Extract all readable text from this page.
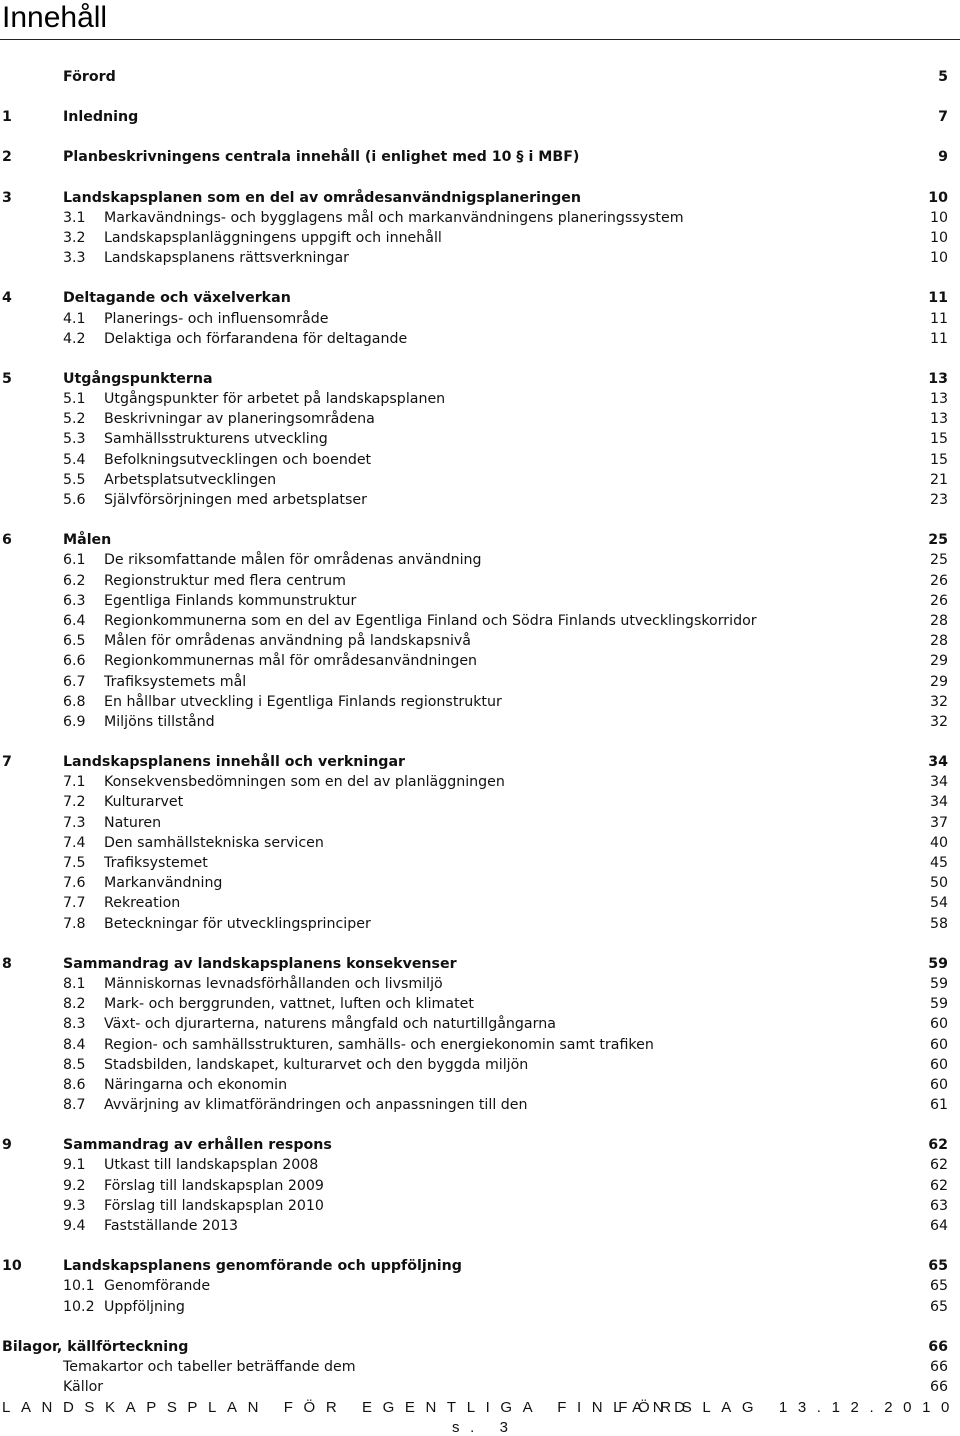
Innehåll
Förord	5
1	Inledning	7
2	Planbeskrivningens centrala innehåll (i enlighet med 10 § i MBF)	9
3	Landskapsplanen som en del av områdesanvändnigsplaneringen	10
3.1 Markavändnings- och bygglagens mål och markanvändningens planeringssystem	10
3.2 Landskapsplanläggningens uppgift och innehåll	10
3.3 Landskapsplanens rättsverkningar	10
4	Deltagande och växelverkan	11
4.1 Planerings- och influensområde	11
4.2 Delaktiga och förfarandena för deltagande	11
5	Utgångspunkterna	13
5.1 Utgångspunkter för arbetet på landskapsplanen	13
5.2 Beskrivningar av planeringsområdena	13
5.3 Samhällsstrukturens utveckling	15
5.4 Befolkningsutvecklingen och boendet	15
5.5 Arbetsplatsutvecklingen	21
5.6 Självförsörjningen med arbetsplatser	23
6	Målen	25
6.1 De riksomfattande målen för områdenas användning	25
6.2 Regionstruktur med flera centrum	26
6.3 Egentliga Finlands kommunstruktur	26
6.4 Regionkommunerna som en del av Egentliga Finland och Södra Finlands utvecklingskorridor	28
6.5 Målen för områdenas användning på landskapsnivå	28
6.6 Regionkommunernas mål för områdesanvändningen	29
6.7 Trafiksystemets mål	29
6.8 En hållbar utveckling i Egentliga Finlands regionstruktur	32
6.9 Miljöns tillstånd	32
7	Landskapsplanens innehåll och verkningar	34
7.1 Konsekvensbedömningen som en del av planläggningen	34
7.2 Kulturarvet	34
7.3 Naturen	37
7.4 Den samhällstekniska servicen	40
7.5 Trafiksystemet	45
7.6 Markanvändning	50
7.7 Rekreation	54
7.8 Beteckningar för utvecklingsprinciper	58
8	Sammandrag av landskapsplanens konsekvenser	59
8.1 Människornas levnadsförhållanden och livsmiljö	59
8.2 Mark- och berggrunden, vattnet, luften och klimatet	59
8.3 Växt- och djurarterna, naturens mångfald och naturtillgångarna	60
8.4 Region- och samhällsstrukturen, samhälls- och energiekonomin samt trafiken	60
8.5 Stadsbilden, landskapet, kulturarvet och den byggda miljön	60
8.6 Näringarna och ekonomin	60
8.7 Avvärjning av klimatförändringen och anpassningen till den	61
9	Sammandrag av erhållen respons	62
9.1 Utkast till landskapsplan 2008	62
9.2 Förslag till landskapsplan 2009	62
9.3 Förslag till landskapsplan 2010	63
9.4 Fastställande 2013	64
10	Landskapsplanens genomförande och uppföljning	65
10.1 Genomförande	65
10.2 Uppföljning	65
Bilagor, källförteckning	66
Temakartor och tabeller beträffande dem	66
Källor	66
LANDSKAPSPLAN FÖR EGENTLIGA FINLAND
FÖRSLAG 13.12.2010
s. 3
